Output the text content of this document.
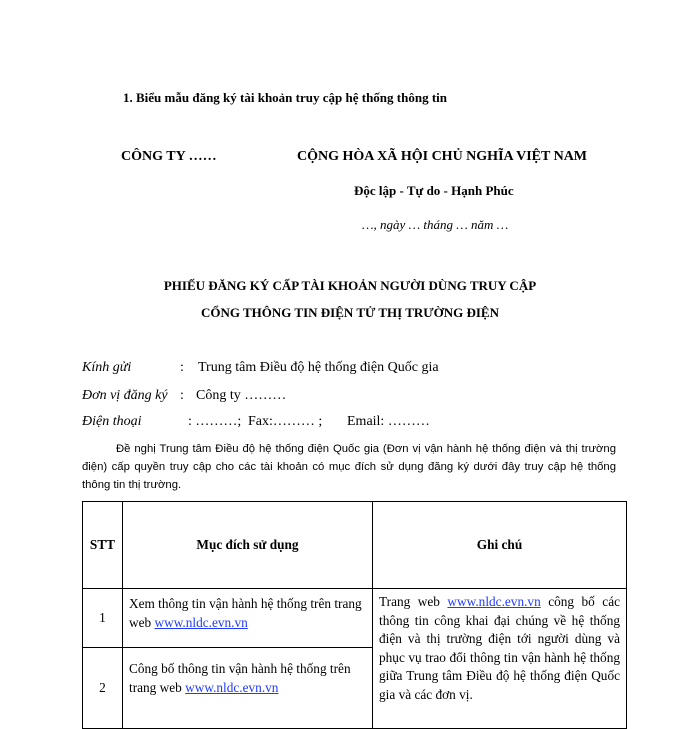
1. Biểu mẫu đăng ký tài khoản truy cập hệ thống thông tin
CÔNG TY ……	CỘNG HÒA XÃ HỘI CHỦ NGHĨA VIỆT NAM
Độc lập - Tự do - Hạnh Phúc
…, ngày … tháng … năm …
PHIẾU ĐĂNG KÝ CẤP TÀI KHOẢN NGƯỜI DÙNG TRUY CẬP
CỔNG THÔNG TIN ĐIỆN TỬ THỊ TRƯỜNG ĐIỆN
Kính gửi	: Trung tâm Điều độ hệ thống điện Quốc gia
Đơn vị đăng ký : Công ty ………
Điện thoại	: ………; Fax:……… ; Email: ………
Đề nghị Trung tâm Điều độ hệ thống điện Quốc gia (Đơn vị vận hành hệ thống điện và thị trường điện) cấp quyền truy cập cho các tài khoản có mục đích sử dụng đăng ký dưới đây truy cập hệ thống thông tin thị trường.
STT	Mục đích sử dụng	Ghi chú
1	Xem thông tin vận hành hệ thống trên trang web www.nldc.evn.vn	Trang web www.nldc.evn.vn công bố các thông tin công khai đại chúng về hệ thống điện và thị trường điện tới người dùng và phục vụ trao đổi thông tin vận hành hệ thống giữa Trung tâm Điều độ hệ thống điện Quốc gia và các đơn vị.
2	Công bố thông tin vận hành hệ thống trên trang web www.nldc.evn.vn	
